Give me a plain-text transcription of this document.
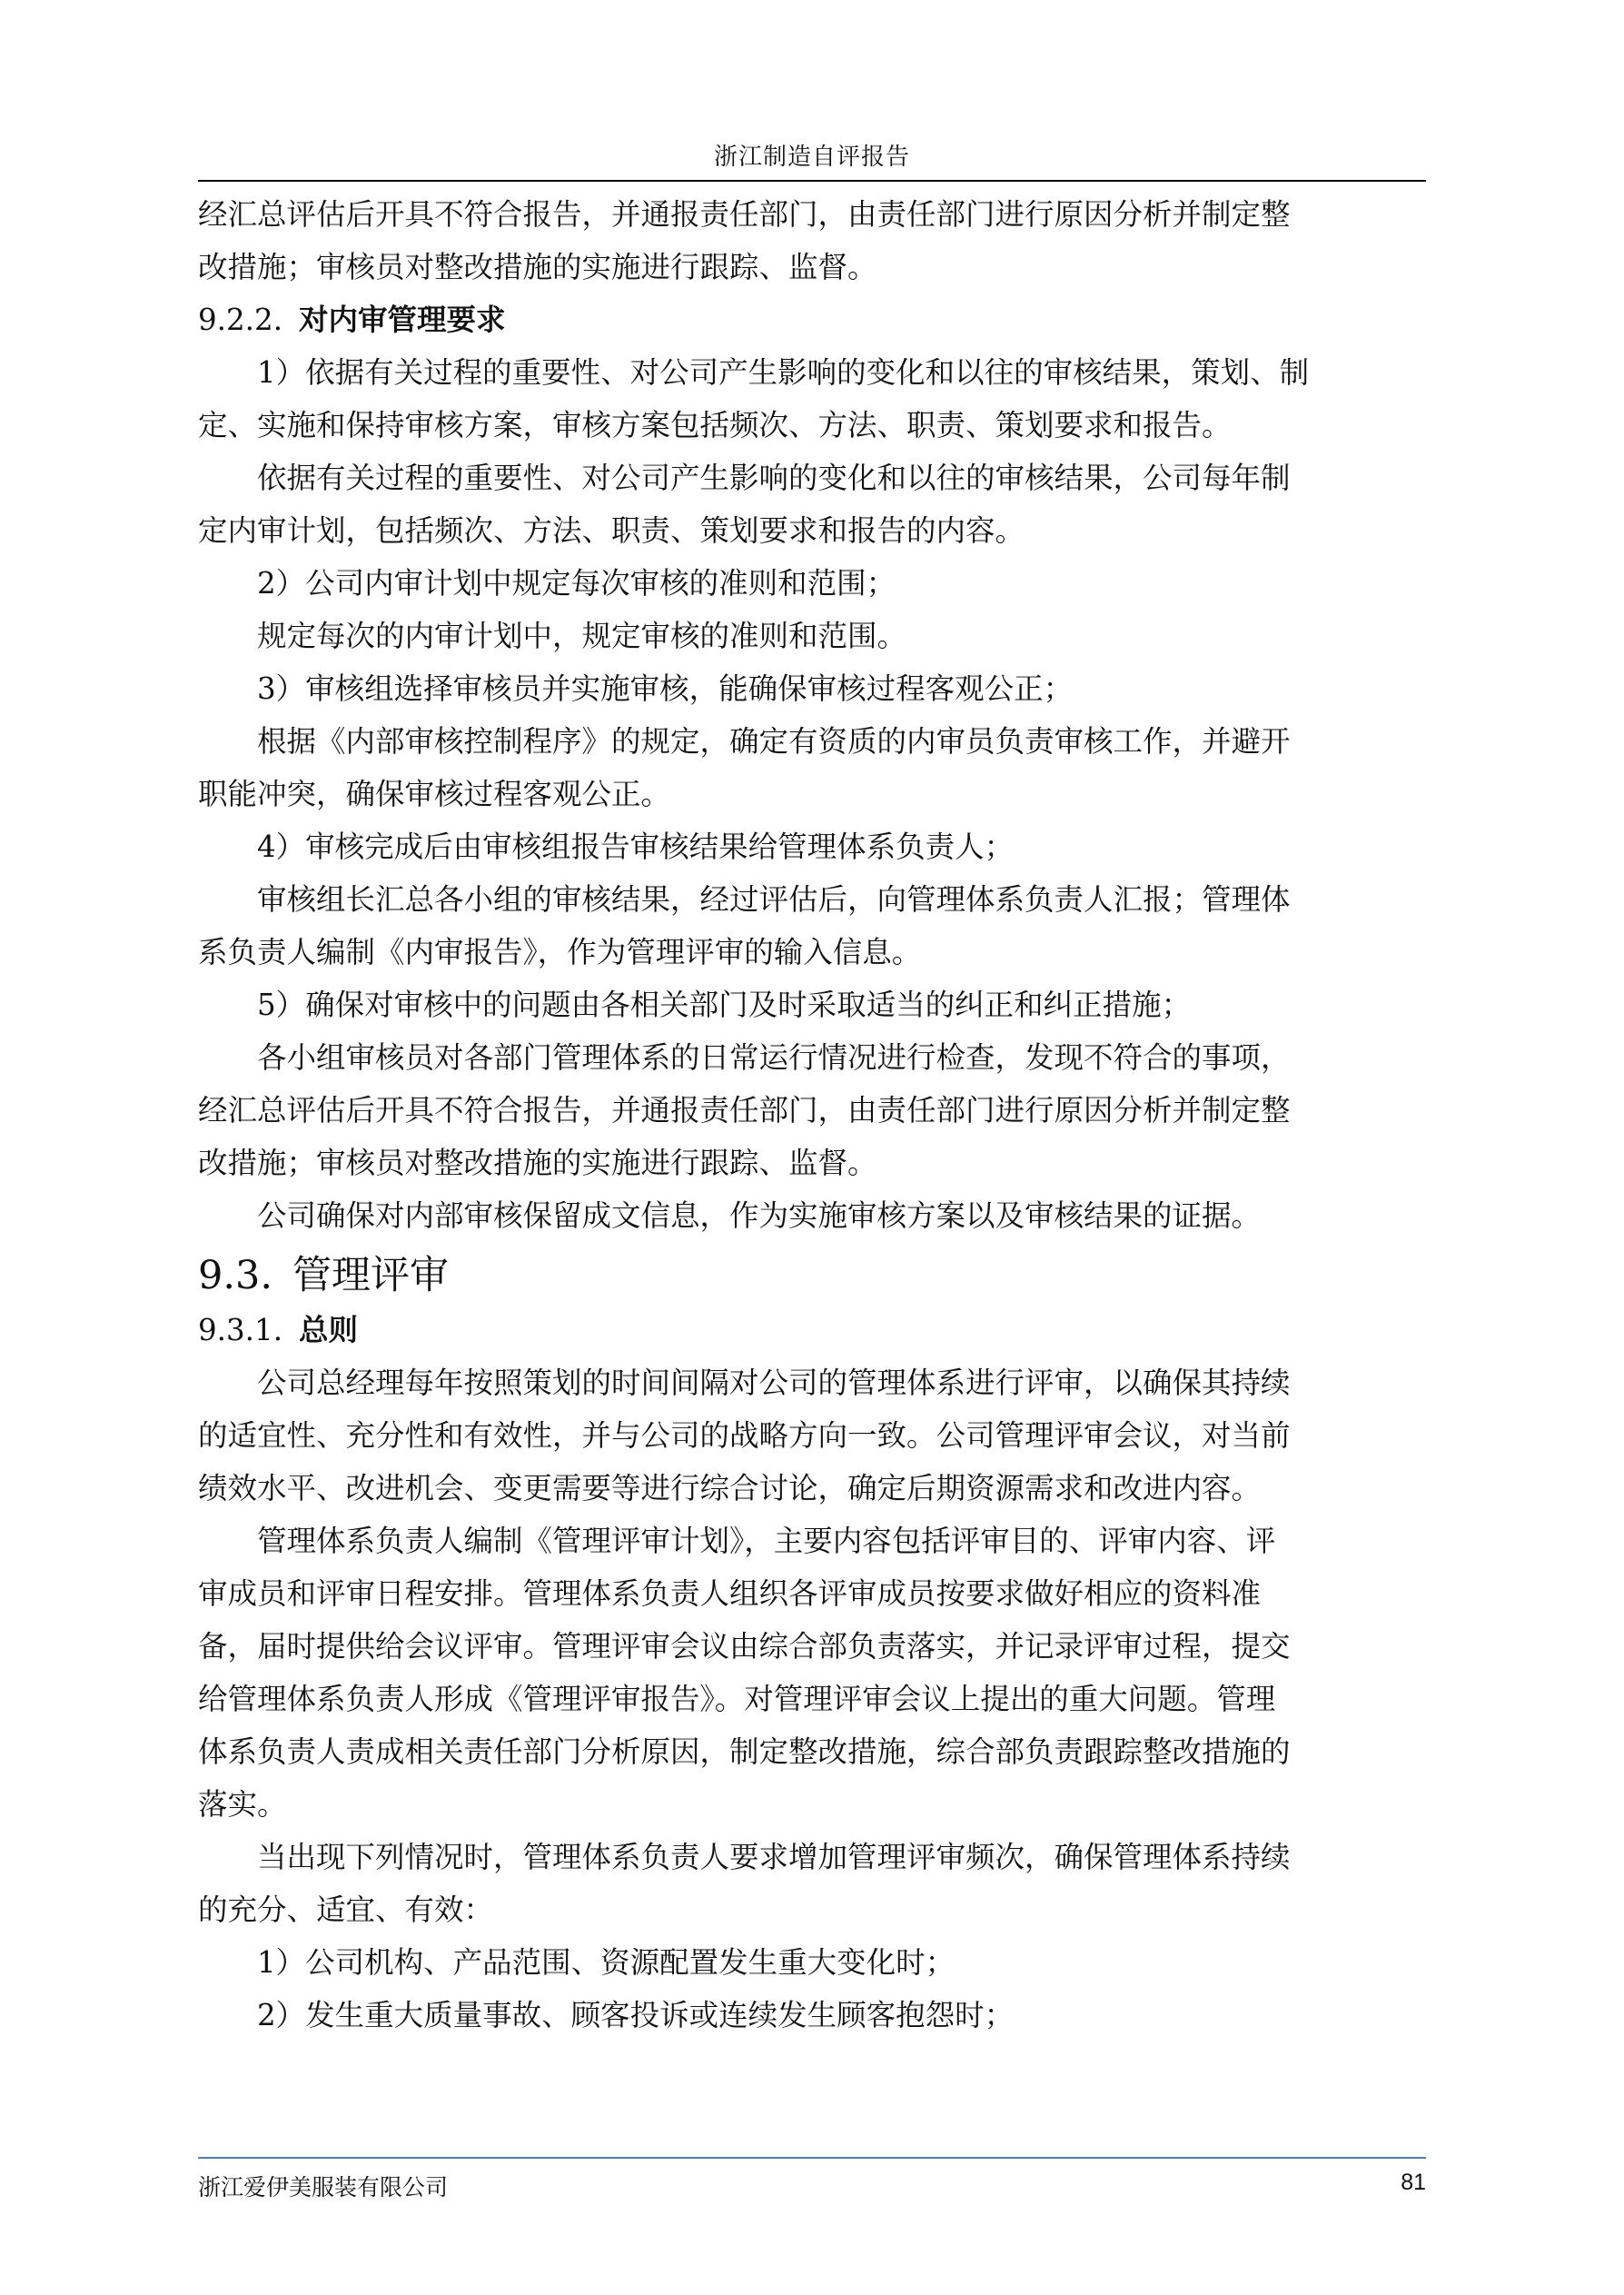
浙江制造自评报告

经汇总评估后开具不符合报告，并通报责任部门，由责任部门进行原因分析并制定整

改措施；审核员对整改措施的实施进行跟踪、监督。

9.2.2. 对内审管理要求

1）依据有关过程的重要性、对公司产生影响的变化和以往的审核结果，策划、制

定、实施和保持审核方案，审核方案包括频次、方法、职责、策划要求和报告。

依据有关过程的重要性、对公司产生影响的变化和以往的审核结果，公司每年制

定内审计划，包括频次、方法、职责、策划要求和报告的内容。

2）公司内审计划中规定每次审核的准则和范围；

规定每次的内审计划中，规定审核的准则和范围。

3）审核组选择审核员并实施审核，能确保审核过程客观公正；

根据《内部审核控制程序》的规定，确定有资质的内审员负责审核工作，并避开

职能冲突，确保审核过程客观公正。

4）审核完成后由审核组报告审核结果给管理体系负责人；

审核组长汇总各小组的审核结果，经过评估后，向管理体系负责人汇报；管理体

系负责人编制《内审报告》，作为管理评审的输入信息。

5）确保对审核中的问题由各相关部门及时采取适当的纠正和纠正措施；

各小组审核员对各部门管理体系的日常运行情况进行检查，发现不符合的事项，

经汇总评估后开具不符合报告，并通报责任部门，由责任部门进行原因分析并制定整

改措施；审核员对整改措施的实施进行跟踪、监督。

公司确保对内部审核保留成文信息，作为实施审核方案以及审核结果的证据。

9.3. 管理评审
9.3.1. 总则

公司总经理每年按照策划的时间间隔对公司的管理体系进行评审，以确保其持续

的适宜性、充分性和有效性，并与公司的战略方向一致。公司管理评审会议，对当前

绩效水平、改进机会、变更需要等进行综合讨论，确定后期资源需求和改进内容。

管理体系负责人编制《管理评审计划》，主要内容包括评审目的、评审内容、评

审成员和评审日程安排。管理体系负责人组织各评审成员按要求做好相应的资料准

备，届时提供给会议评审。管理评审会议由综合部负责落实，并记录评审过程，提交

给管理体系负责人形成《管理评审报告》。对管理评审会议上提出的重大问题。管理

体系负责人责成相关责任部门分析原因，制定整改措施，综合部负责跟踪整改措施的

落实。

当出现下列情况时，管理体系负责人要求增加管理评审频次，确保管理体系持续

的充分、适宜、有效：

1）公司机构、产品范围、资源配置发生重大变化时；

2）发生重大质量事故、顾客投诉或连续发生顾客抱怨时；

浙江爱伊美服装有限公司	81
